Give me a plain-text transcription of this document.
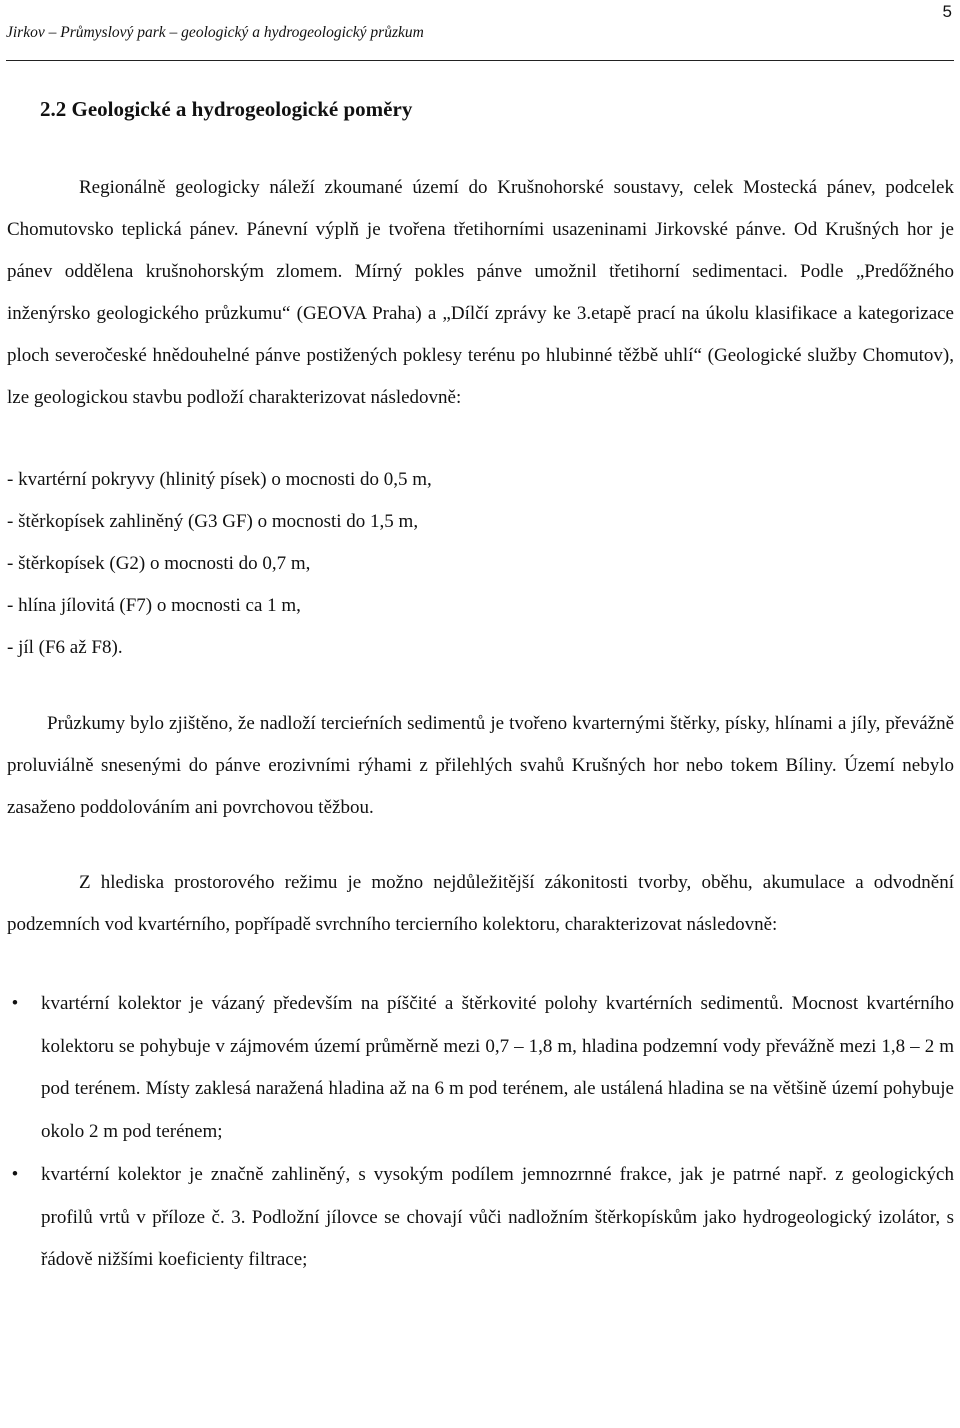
Jirkov – Průmyslový park – geologický a hydrogeologický průzkum
5
2.2 Geologické a hydrogeologické poměry

Regionálně geologicky náleží zkoumané území do Krušnohorské soustavy, celek Mostecká pánev, podcelek Chomutovsko teplická pánev. Pánevní výplň je tvořena třetihorními usazeninami Jirkovské pánve. Od Krušných hor je pánev oddělena krušnohorským zlomem. Mírný pokles pánve umožnil třetihorní sedimentaci. Podle „Predőžného inženýrsko geologického průzkumu“ (GEOVA Praha) a „Dílčí zprávy ke 3.etapě prací na úkolu klasifikace a kategorizace ploch severočeské hnědouhelné pánve postižených poklesy terénu po hlubinné těžbě uhlí“ (Geologické služby Chomutov), lze geologickou stavbu podloží charakterizovat následovně:

- kvartérní pokryvy (hlinitý písek) o mocnosti do 0,5 m,
- štěrkopísek zahliněný (G3 GF) o mocnosti do 1,5 m,
- štěrkopísek (G2) o mocnosti do 0,7 m,
- hlína jílovitá (F7) o mocnosti ca 1 m,
- jíl (F6 až F8).

Průzkumy bylo zjištěno, že nadloží tercieŕních sedimentů je tvořeno kvarternými štěrky, písky, hlínami a jíly, převážně proluviálně snesenými do pánve erozivními rýhami z přilehlých svahů Krušných hor nebo tokem Bíliny. Území nebylo zasaženo poddolováním ani povrchovou těžbou.

Z hlediska prostorového režimu je možno nejdůležitější zákonitosti tvorby, oběhu, akumulace a odvodnění podzemních vod kvartérního, popřípadě svrchního tercierního kolektoru, charakterizovat následovně:

•	kvartérní kolektor je vázaný především na píščité a štěrkovité polohy kvartérních sedimentů. Mocnost kvartérního kolektoru se pohybuje v zájmovém území průměrně mezi 0,7 – 1,8 m, hladina podzemní vody převážně mezi 1,8 – 2 m pod terénem. Místy zaklesá naražená hladina až na 6 m pod terénem, ale ustálená hladina se na většině území pohybuje okolo 2 m pod terénem;
•	kvartérní kolektor je značně zahliněný, s vysokým podílem jemnozrnné frakce, jak je patrné např. z geologických profilů vrtů v příloze č. 3. Podložní jílovce se chovají vůči nadložním štěrkopískům jako hydrogeologický izolátor, s řádově nižšími koeficienty filtrace;
